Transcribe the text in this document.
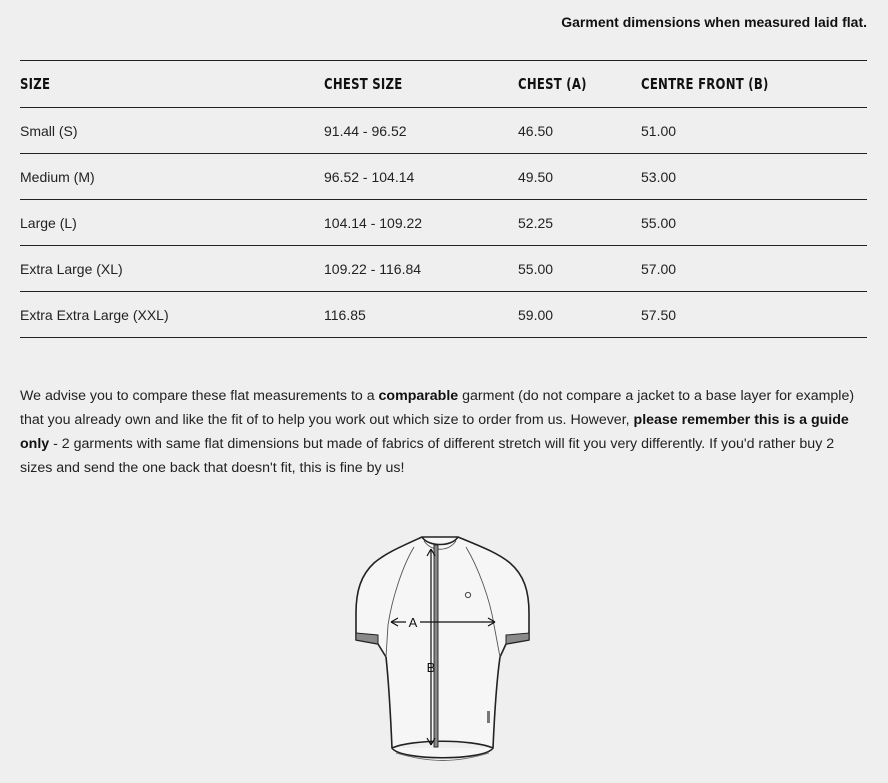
Garment dimensions when measured laid flat.
SIZE	CHEST SIZE	CHEST (A)	CENTRE FRONT (B)
Small (S)	91.44 - 96.52	46.50	51.00
Medium (M)	96.52 - 104.14	49.50	53.00
Large (L)	104.14 - 109.22	52.25	55.00
Extra Large (XL)	109.22 - 116.84	55.00	57.00
Extra Extra Large (XXL)	116.85	59.00	57.50

We advise you to compare these flat measurements to a comparable garment (do not compare a jacket to a base layer for example) that you already own and like the fit of to help you work out which size to order from us. However, please remember this is a guide only - 2 garments with same flat dimensions but made of fabrics of different stretch will fit you very differently. If you'd rather buy 2 sizes and send the one back that doesn't fit, this is fine by us!

A
B
